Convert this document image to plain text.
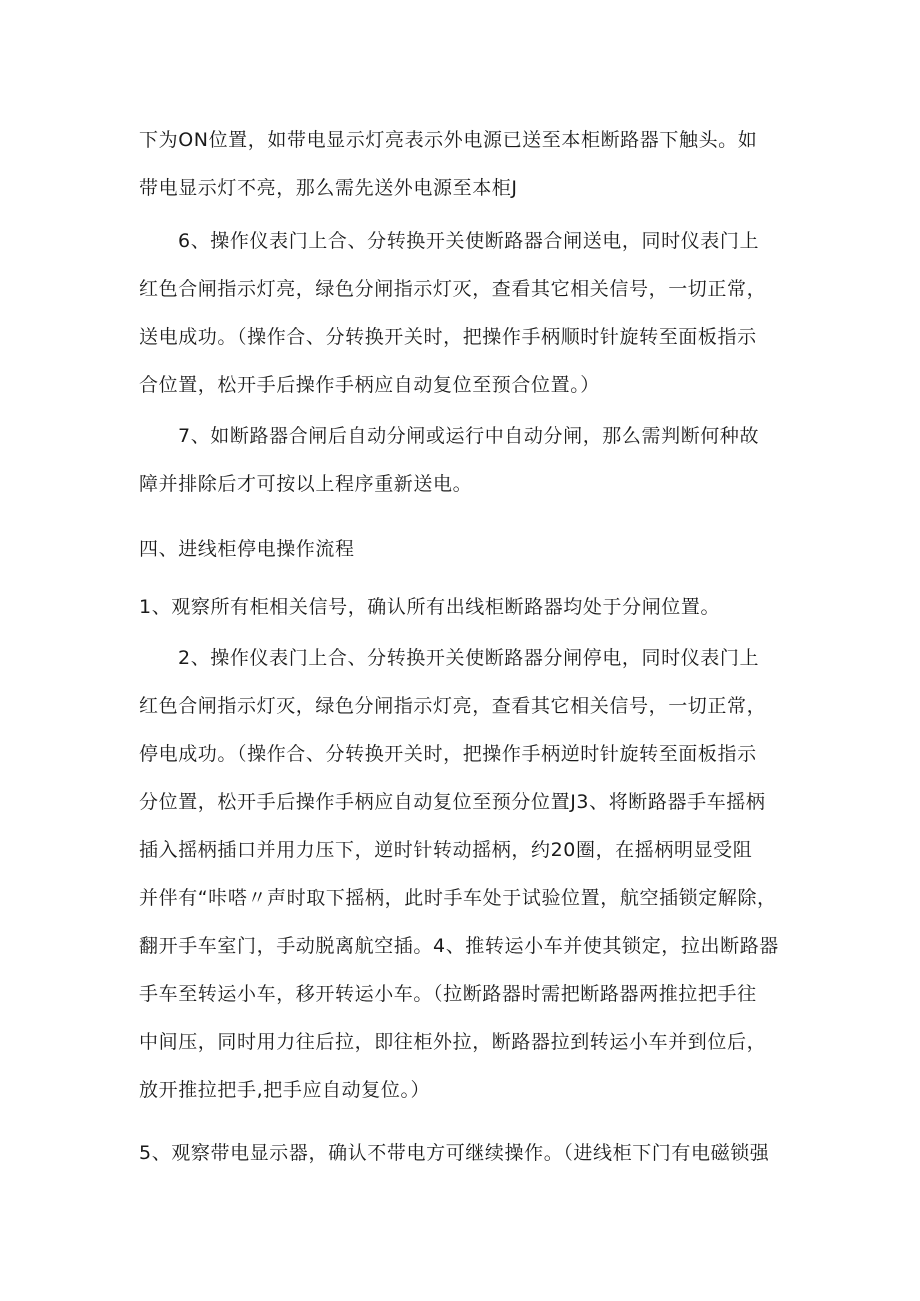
下为ON位置，如带电显示灯亮表示外电源已送至本柜断路器下触头。如
带电显示灯不亮，那么需先送外电源至本柜J
6、操作仪表门上合、分转换开关使断路器合闸送电，同时仪表门上
红色合闸指示灯亮，绿色分闸指示灯灭，查看其它相关信号，一切正常，
送电成功。（操作合、分转换开关时，把操作手柄顺时针旋转至面板指示
合位置，松开手后操作手柄应自动复位至预合位置。）
7、如断路器合闸后自动分闸或运行中自动分闸，那么需判断何种故
障并排除后才可按以上程序重新送电。
四、进线柜停电操作流程
1、观察所有柜相关信号，确认所有出线柜断路器均处于分闸位置。
2、操作仪表门上合、分转换开关使断路器分闸停电，同时仪表门上
红色合闸指示灯灭，绿色分闸指示灯亮，查看其它相关信号，一切正常，
停电成功。（操作合、分转换开关时，把操作手柄逆时针旋转至面板指示
分位置，松开手后操作手柄应自动复位至预分位置J3、将断路器手车摇柄
插入摇柄插口并用力压下，逆时针转动摇柄，约20圈，在摇柄明显受阻
并伴有“咔嗒〃声时取下摇柄，此时手车处于试验位置，航空插锁定解除，
翻开手车室门，手动脱离航空插。4、推转运小车并使其锁定，拉出断路器
手车至转运小车，移开转运小车。（拉断路器时需把断路器两推拉把手往
中间压，同时用力往后拉，即往柜外拉，断路器拉到转运小车并到位后，
放开推拉把手,把手应自动复位。）
5、观察带电显示器，确认不带电方可继续操作。（进线柜下门有电磁锁强
